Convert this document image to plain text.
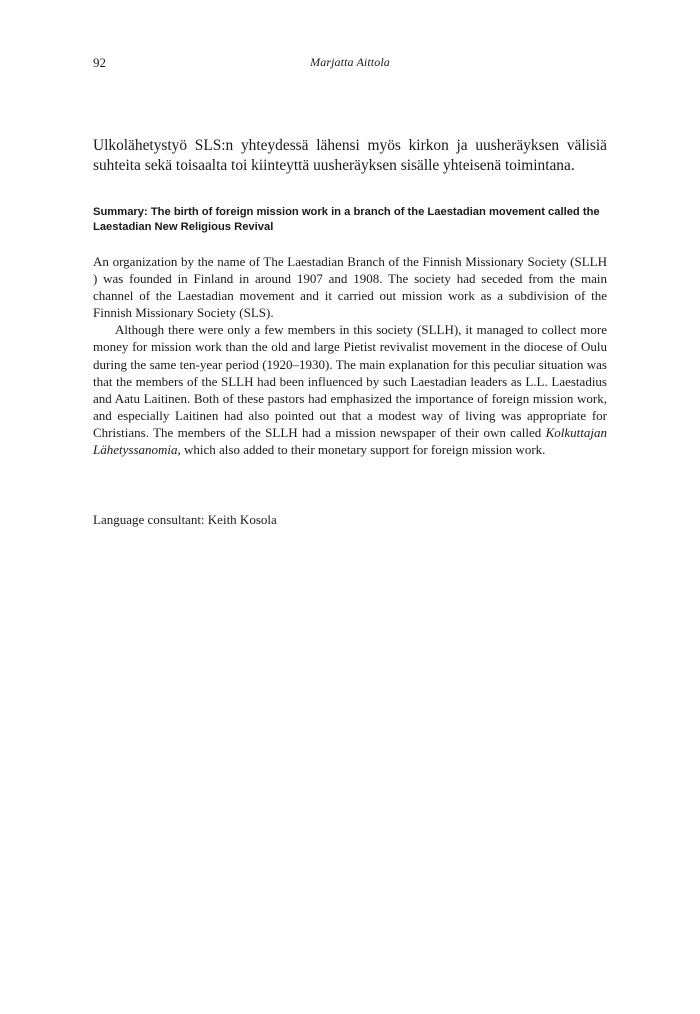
92	Marjatta Aittola

Ulkolähetystyö SLS:n yhteydessä lähensi myös kirkon ja uusheräyksen välisiä suhteita sekä toisaalta toi kiinteyttä uusheräyksen sisälle yhteisenä toimintana.

Summary: The birth of foreign mission work in a branch of the Laestadian movement called the Laestadian New Religious Revival

An organization by the name of The Laestadian Branch of the Finnish Missionary Society (SLLH ) was founded in Finland in around 1907 and 1908. The society had seceded from the main channel of the Laestadian movement and it carried out mission work as a subdivision of the Finnish Missionary Society (SLS).

Although there were only a few members in this society (SLLH), it managed to collect more money for mission work than the old and large Pietist revivalist movement in the diocese of Oulu during the same ten-year period (1920–1930). The main explanation for this peculiar situation was that the members of the SLLH had been influenced by such Laestadian leaders as L.L. Laestadius and Aatu Laitinen. Both of these pastors had emphasized the importance of foreign mission work, and especially Laitinen had also pointed out that a modest way of living was appropriate for Christians. The members of the SLLH had a mission newspaper of their own called Kolkuttajan Lähetyssanomia, which also added to their monetary support for foreign mission work.

Language consultant: Keith Kosola
